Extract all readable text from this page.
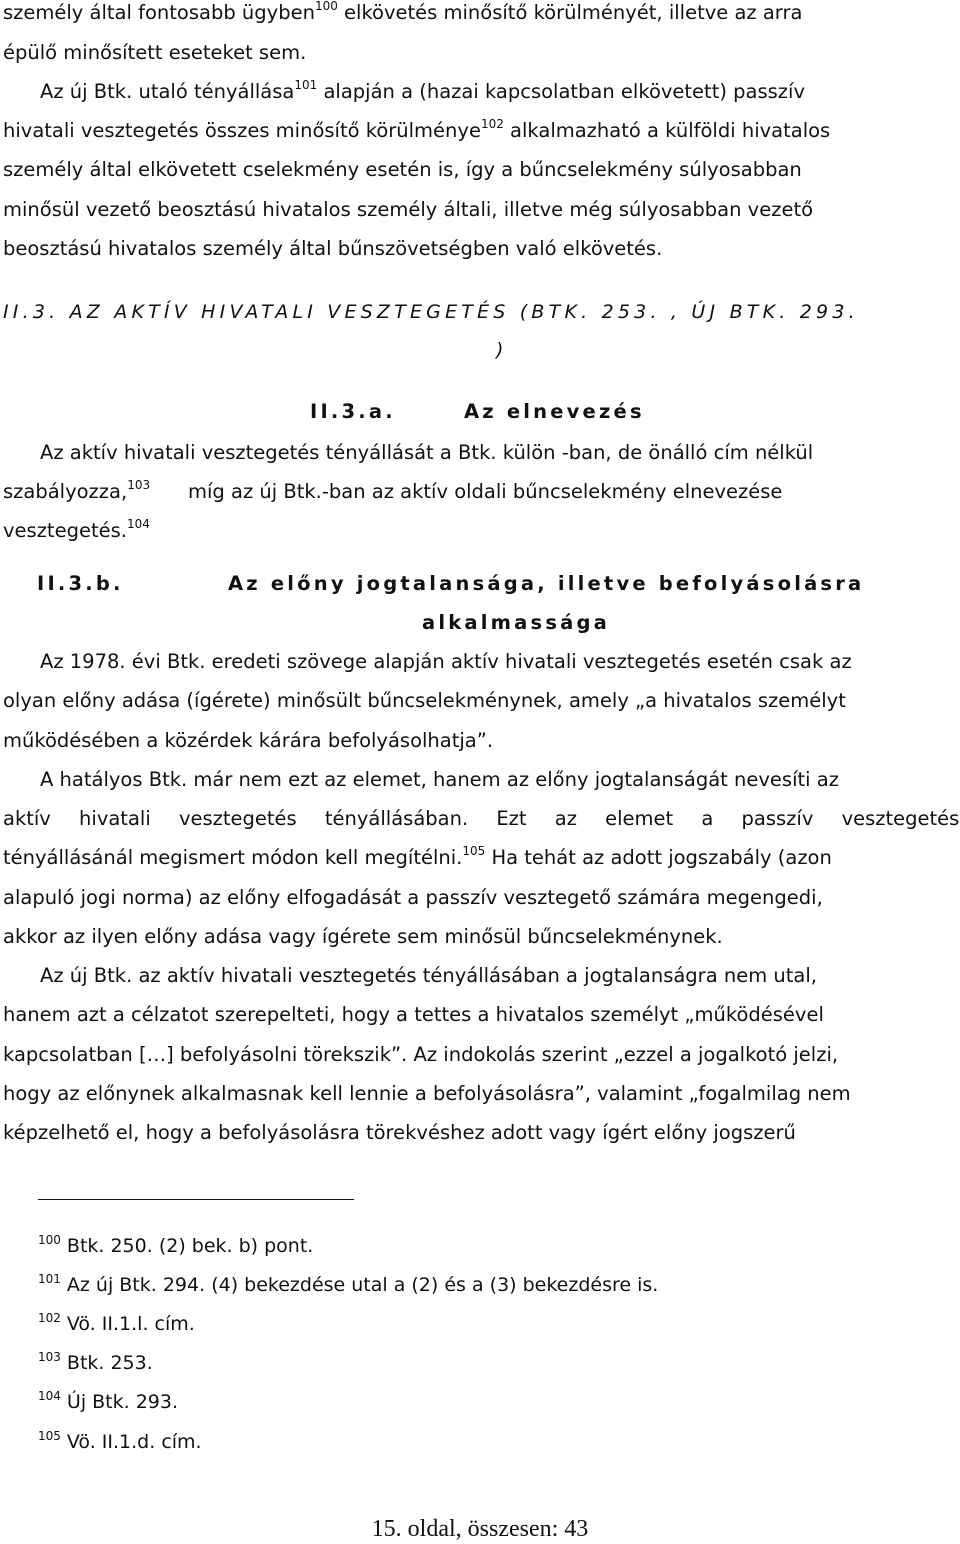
személy által fontosabb ügyben$^{100}$ elkövetés minősítő körülményét, illetve az arra
épülő minősített eseteket sem.
Az új Btk. utaló tényállása$^{101}$ alapján a (hazai kapcsolatban elkövetett) passzív
hivatali vesztegetés összes minősítő körülménye$^{102}$ alkalmazható a külföldi hivatalos
személy által elkövetett cselekmény esetén is, így a bűncselekmény súlyosabban
minősül vezető beosztású hivatalos személy általi, illetve még súlyosabban vezető
beosztású hivatalos személy által bűnszövetségben való elkövetés.
II.3. AZ AKTÍV HIVATALI VESZTEGETÉS (BTK. 253. , ÚJ BTK. 293.
)
II.3.a.	Az elnevezés
Az aktív hivatali vesztegetés tényállását a Btk. külön -ban, de önálló cím nélkül
szabályozza,$^{103}$	míg az új Btk.-ban az aktív oldali bűncselekmény elnevezése
vesztegetés.$^{104}$
II.3.b.	Az előny jogtalansága, illetve befolyásolásra
alkalmassága
Az 1978. évi Btk. eredeti szövege alapján aktív hivatali vesztegetés esetén csak az
olyan előny adása (ígérete) minősült bűncselekménynek, amely „a hivatalos személyt
működésében a közérdek kárára befolyásolhatja”.
A hatályos Btk. már nem ezt az elemet, hanem az előny jogtalanságát nevesíti az
aktív hivatali vesztegetés tényállásában. Ezt az elemet a passzív vesztegetés
tényállásánál megismert módon kell megítélni.$^{105}$ Ha tehát az adott jogszabály (azon
alapuló jogi norma) az előny elfogadását a passzív vesztegető számára megengedi,
akkor az ilyen előny adása vagy ígérete sem minősül bűncselekménynek.
Az új Btk. az aktív hivatali vesztegetés tényállásában a jogtalanságra nem utal,
hanem azt a célzatot szerepelteti, hogy a tettes a hivatalos személyt „működésével
kapcsolatban […] befolyásolni törekszik”. Az indokolás szerint „ezzel a jogalkotó jelzi,
hogy az előnynek alkalmasnak kell lennie a befolyásolásra”, valamint „fogalmilag nem
képzelhető el, hogy a befolyásolásra törekvéshez adott vagy ígért előny jogszerű
$^{100}$ Btk. 250. (2) bek. b) pont.
$^{101}$ Az új Btk. 294. (4) bekezdése utal a (2) és a (3) bekezdésre is.
$^{102}$ Vö. II.1.l. cím.
$^{103}$ Btk. 253.
$^{104}$ Új Btk. 293.
$^{105}$ Vö. II.1.d. cím.
15. oldal, összesen: 43
